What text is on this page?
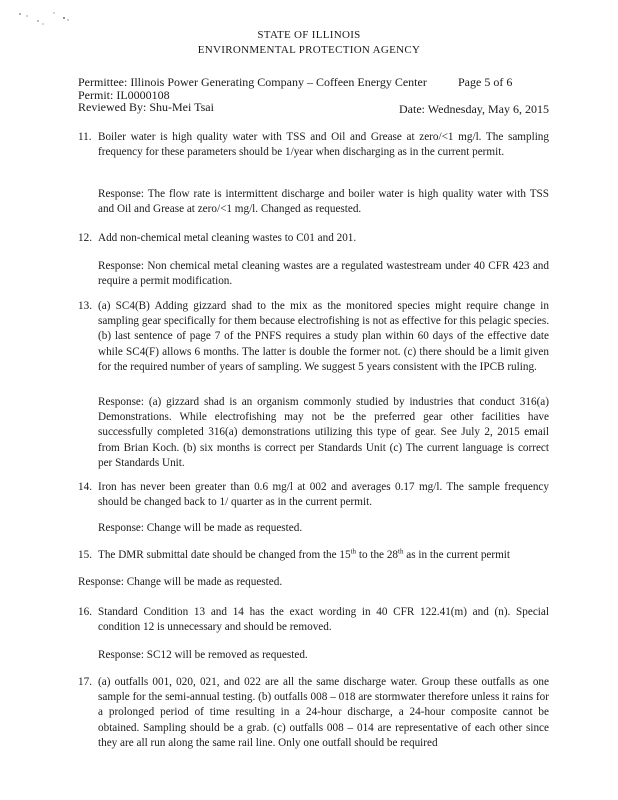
STATE OF ILLINOIS
ENVIRONMENTAL PROTECTION AGENCY
Permittee: Illinois Power Generating Company – Coffeen Energy Center	Page 5 of 6
Permit: IL0000108
Reviewed By: Shu-Mei Tsai	Date: Wednesday, May 6, 2015
11. Boiler water is high quality water with TSS and Oil and Grease at zero/<1 mg/l. The sampling frequency for these parameters should be 1/year when discharging as in the current permit.
Response: The flow rate is intermittent discharge and boiler water is high quality water with TSS and Oil and Grease at zero/<1 mg/l. Changed as requested.
12. Add non-chemical metal cleaning wastes to C01 and 201.
Response: Non chemical metal cleaning wastes are a regulated wastestream under 40 CFR 423 and require a permit modification.
13. (a) SC4(B) Adding gizzard shad to the mix as the monitored species might require change in sampling gear specifically for them because electrofishing is not as effective for this pelagic species. (b) last sentence of page 7 of the PNFS requires a study plan within 60 days of the effective date while SC4(F) allows 6 months. The latter is double the former not. (c) there should be a limit given for the required number of years of sampling. We suggest 5 years consistent with the IPCB ruling.
Response: (a) gizzard shad is an organism commonly studied by industries that conduct 316(a) Demonstrations. While electrofishing may not be the preferred gear other facilities have successfully completed 316(a) demonstrations utilizing this type of gear. See July 2, 2015 email from Brian Koch. (b) six months is correct per Standards Unit (c) The current language is correct per Standards Unit.
14. Iron has never been greater than 0.6 mg/l at 002 and averages 0.17 mg/l. The sample frequency should be changed back to 1/ quarter as in the current permit.
Response: Change will be made as requested.
15. The DMR submittal date should be changed from the 15th to the 28th as in the current permit
Response: Change will be made as requested.
16. Standard Condition 13 and 14 has the exact wording in 40 CFR 122.41(m) and (n). Special condition 12 is unnecessary and should be removed.
Response: SC12 will be removed as requested.
17. (a) outfalls 001, 020, 021, and 022 are all the same discharge water. Group these outfalls as one sample for the semi-annual testing. (b) outfalls 008 – 018 are stormwater therefore unless it rains for a prolonged period of time resulting in a 24-hour discharge, a 24-hour composite cannot be obtained. Sampling should be a grab. (c) outfalls 008 – 014 are representative of each other since they are all run along the same rail line. Only one outfall should be required
